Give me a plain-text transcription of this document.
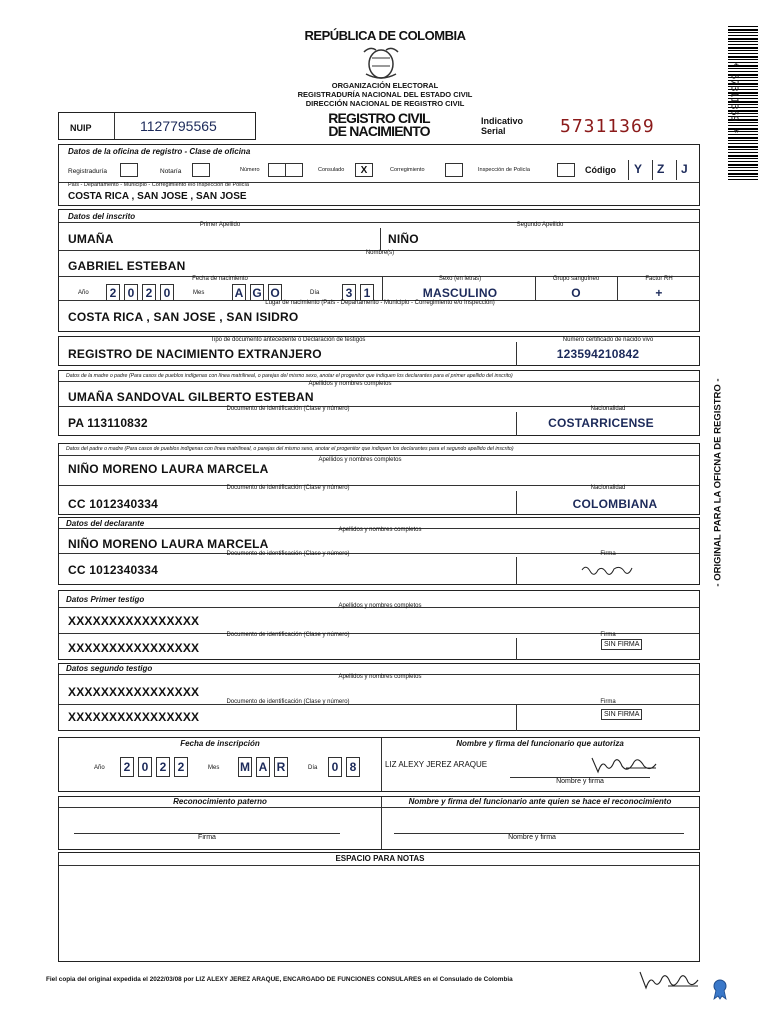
REPÚBLICA DE COLOMBIA
ORGANIZACIÓN ELECTORAL
REGISTRADURÍA NACIONAL DEL ESTADO CIVIL
DIRECCIÓN NACIONAL DE REGISTRO CIVIL
NUIP	1127795565	REGISTRO CIVIL
DE NACIMIENTO
Indicativo
Serial	57311369	* 57311369 *
- ORIGINAL PARA LA OFICNA DE REGISTRO -
Datos de la oficina de registro - Clase de oficina
Registraduría	Notaría	Número	Consulado	X	Corregimiento	Inspección de Policía	Código Y Z J
País - Departamento - Municipio - Corregimiento e/o Inspección de Policía
COSTA RICA , SAN JOSE , SAN JOSE
Datos del inscrito
Primer Apellido	Segundo Apellido
UMAÑA	NIÑO
Nombre(s)
GABRIEL ESTEBAN
Fecha de nacimiento	Sexo (en letras)	Grupo sanguíneo	Factor RH
Año	2 0 2 0	Mes	A G O	Día	3 1	MASCULINO	O	+
Lugar de nacimiento (País - Departamento - Municipio - Corregimiento e/o Inspección)
COSTA RICA , SAN JOSE , SAN ISIDRO
Tipo de documento antecedente o Declaración de testigos	Número certificado de nacido vivo
REGISTRO DE NACIMIENTO EXTRANJERO	123594210842
Datos de la madre o padre (Para casos de pueblos indígenas con línea matrilineal, o parejas del mismo sexo, anotar el progenitor que indiquen los declarantes para el primer apellido del inscrito)
Apellidos y nombres completos
UMAÑA SANDOVAL GILBERTO ESTEBAN
Documento de identificación (Clase y número)	Nacionalidad
PA 113110832	COSTARRICENSE
Datos del padre o madre (Para casos de pueblos indígenas con línea matrilineal, o parejas del mismo sexo, anotar el progenitor que indiquen los declarantes para el segundo apellido del inscrito)
Apellidos y nombres completos
NIÑO MORENO LAURA MARCELA
Documento de identificación (Clase y número)	Nacionalidad
CC 1012340334	COLOMBIANA
Datos del declarante
Apellidos y nombres completos
NIÑO MORENO LAURA MARCELA
Documento de identificación (Clase y número)	Firma
CC 1012340334
Datos Primer testigo
Apellidos y nombres completos
XXXXXXXXXXXXXXXX
Documento de identificación (Clase y número)	Firma
XXXXXXXXXXXXXXXX	SIN FIRMA
Datos segundo testigo
Apellidos y nombres completos
XXXXXXXXXXXXXXXX
Documento de identificación (Clase y número)	Firma
XXXXXXXXXXXXXXXX	SIN FIRMA
Fecha de inscripción	Nombre y firma del funcionario que autoriza
Año	2 0 2 2	Mes M A R	Día	0 8	LIZ ALEXY JEREZ ARAQUE
Nombre y firma
Reconocimiento paterno	Nombre y firma del funcionario ante quien se hace el reconocimiento
Firma	Nombre y firma
ESPACIO PARA NOTAS
Fiel copia del original expedida el 2022/03/08 por LIZ ALEXY JEREZ ARAQUE, ENCARGADO DE FUNCIONES CONSULARES en el Consulado de Colombia
